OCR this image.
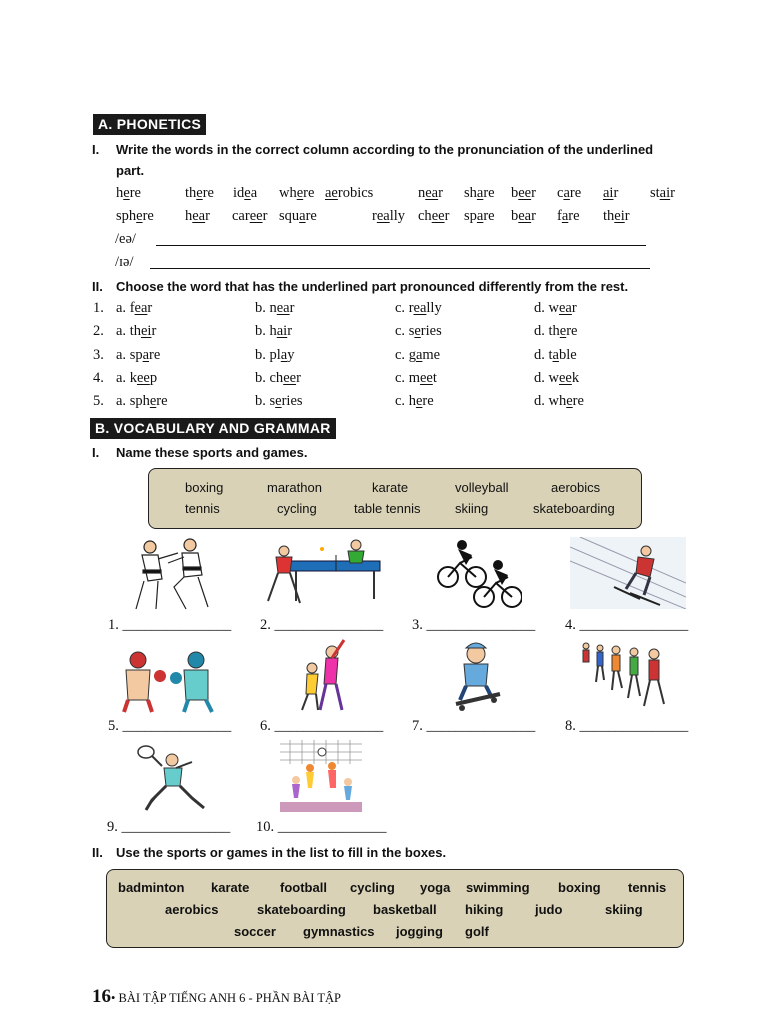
A. PHONETICS
I. Write the words in the correct column according to the pronunciation of the underlined
part.
here	there idea where aerobics	near share beer care air stair
sphere hear career square	really cheer spare bear fare their
/eə/
/ɪə/
II. Choose the word that has the underlined part pronounced differently from the rest.
1. a. fear	b. near	c. really	d. wear
2. a. their	b. hair	c. series	d. there
3. a. spare	b. play	c. game	d. table
4. a. keep	b. cheer	c. meet	d. week
5. a. sphere	b. series	c. here	d. where
B. VOCABULARY AND GRAMMAR
I. Name these sports and games.
boxing	marathon	karate	volleyball	aerobics
tennis	cycling	table tennis	skiing	skateboarding
1. _______________ 2. _______________ 3. _______________ 4. _______________
5. _______________ 6. _______________ 7. _______________ 8. _______________
9. _______________ 10. _______________
II. Use the sports or games in the list to fill in the boxes.
badminton karate football cycling yoga swimming boxing tennis
aerobics	skateboarding basketball hiking judo	skiing
soccer gymnastics jogging golf
16• BÀI TẬP TIẾNG ANH 6 - PHẦN BÀI TẬP
